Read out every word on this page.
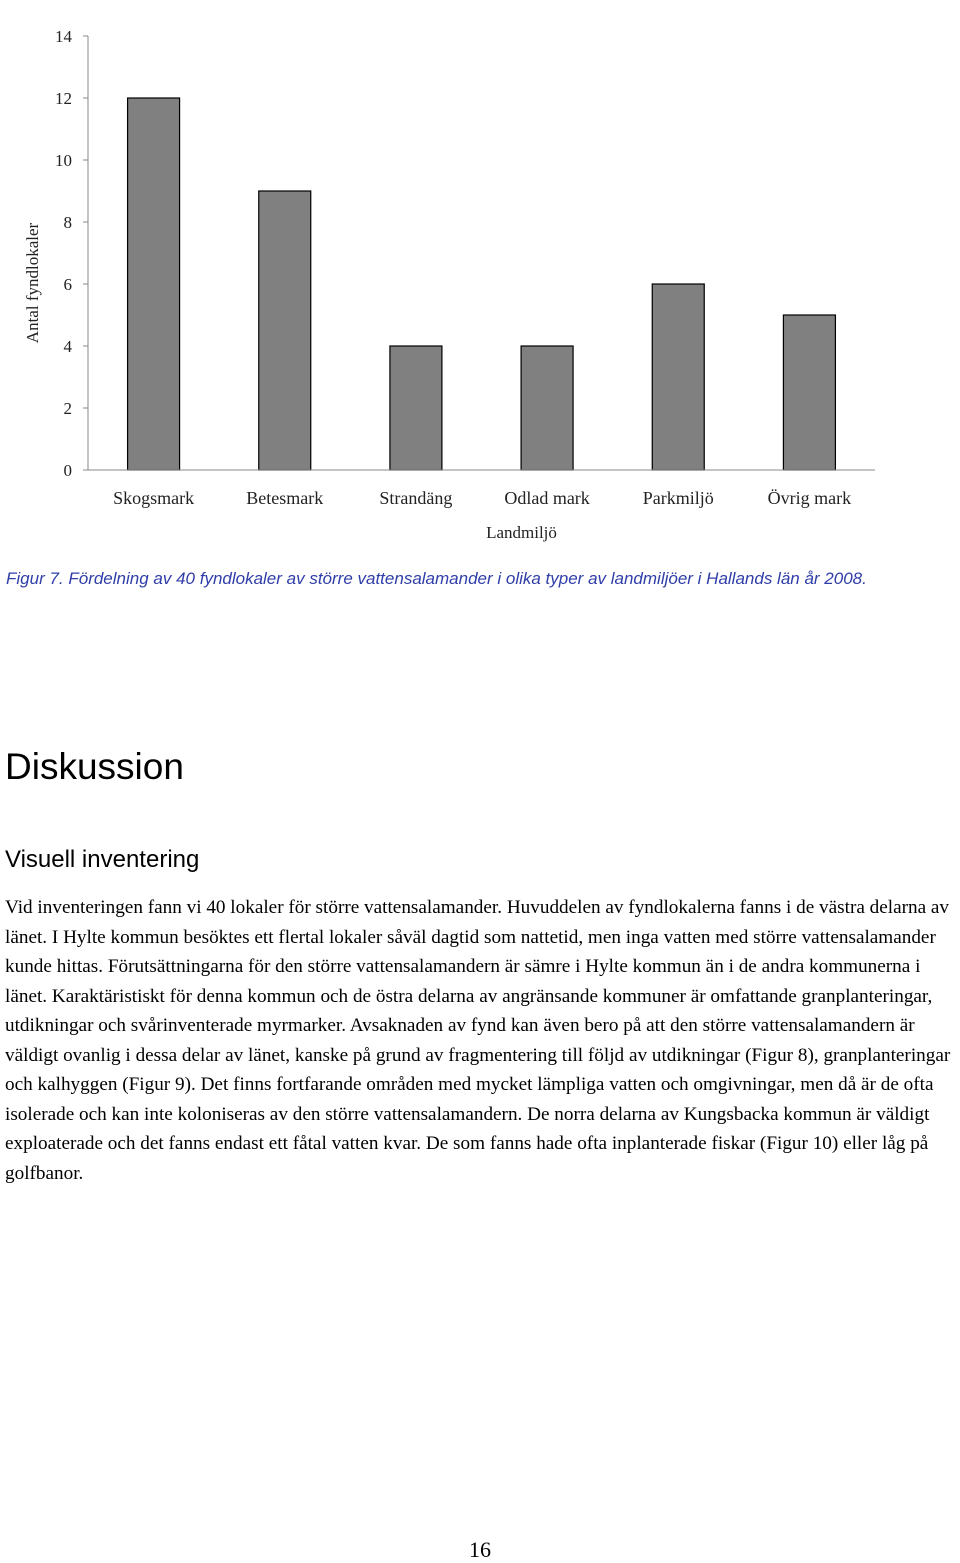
0
2
4
6
8
10
12
14
Skogsmark	Betesmark	Strandäng	Odlad mark	Parkmiljö	Övrig mark
Antal fyndlokaler
Landmiljö

Figur 7. Fördelning av 40 fyndlokaler av större vattensalamander i olika typer av landmiljöer i Hallands län år 2008.

Diskussion
Visuell inventering

Vid inventeringen fann vi 40 lokaler för större vattensalamander. Huvuddelen av fyndlokalerna fanns i de västra delarna av länet. I Hylte kommun besöktes ett flertal lokaler såväl dagtid som nattetid, men inga vatten med större vattensalamander kunde hittas. Förutsättningarna för den större vattensalamandern är sämre i Hylte kommun än i de andra kommunerna i länet. Karaktäristiskt för denna kommun och de östra delarna av angränsande kommuner är omfattande granplanteringar, utdikningar och svårinventerade myrmarker. Avsaknaden av fynd kan även bero på att den större vattensalamandern är väldigt ovanlig i dessa delar av länet, kanske på grund av fragmentering till följd av utdikningar (Figur 8), granplanteringar och kalhyggen (Figur 9). Det finns fortfarande områden med mycket lämpliga vatten och omgivningar, men då är de ofta isolerade och kan inte koloniseras av den större vattensalamandern. De norra delarna av Kungsbacka kommun är väldigt exploaterade och det fanns endast ett fåtal vatten kvar. De som fanns hade ofta inplanterade fiskar (Figur 10) eller låg på golfbanor.

16
